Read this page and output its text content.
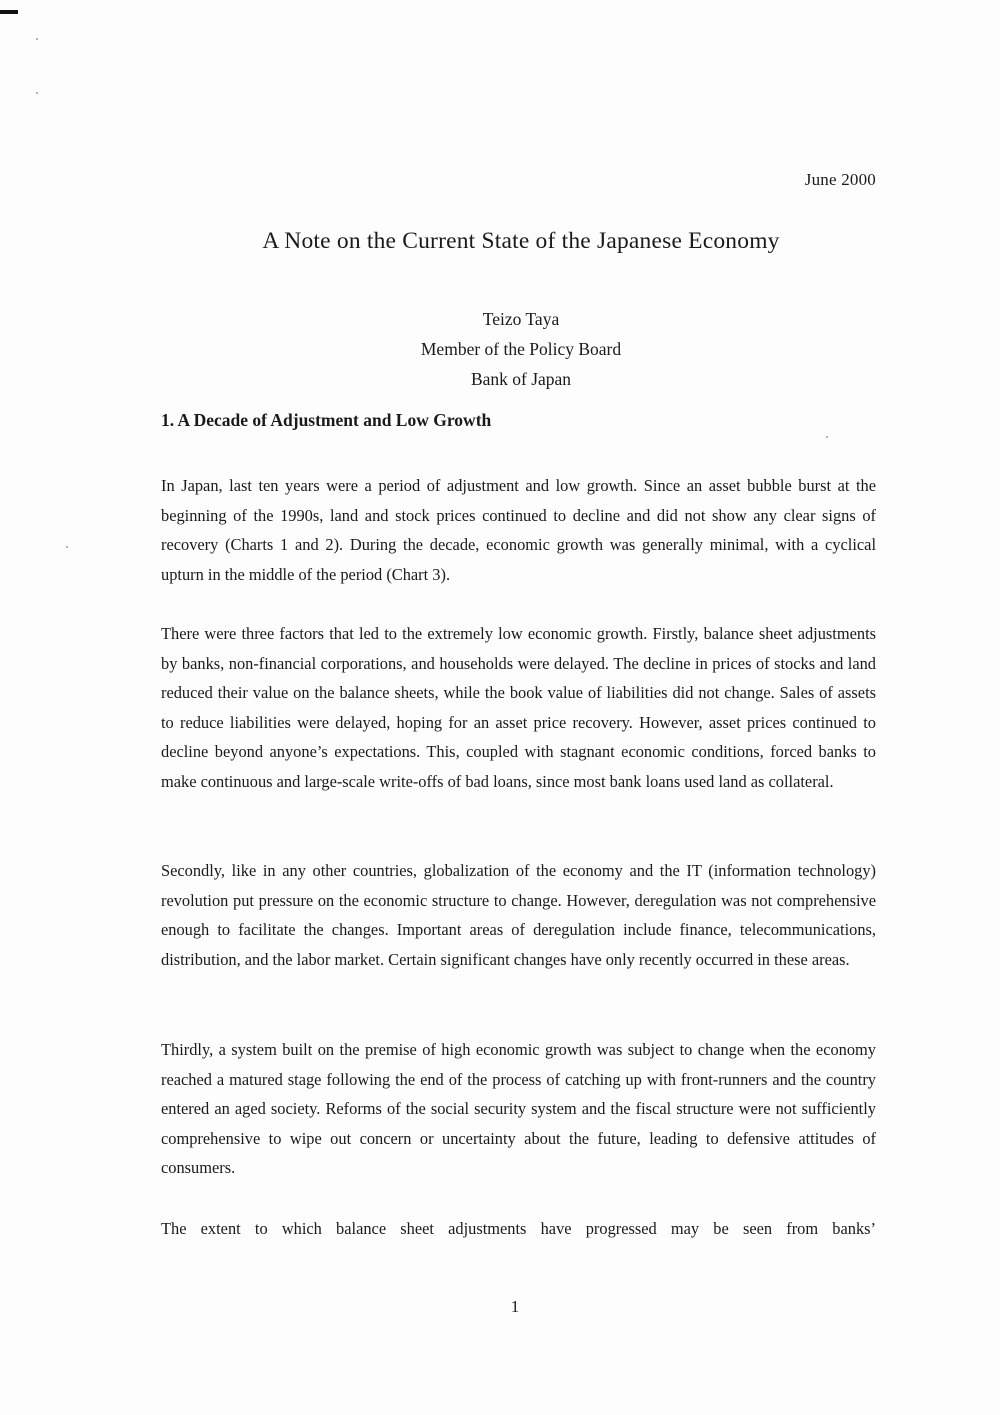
June 2000
A Note on the Current State of the Japanese Economy
Teizo Taya
Member of the Policy Board
Bank of Japan
1. A Decade of Adjustment and Low Growth

In Japan, last ten years were a period of adjustment and low growth. Since an asset bubble burst at the beginning of the 1990s, land and stock prices continued to decline and did not show any clear signs of recovery (Charts 1 and 2). During the decade, economic growth was generally minimal, with a cyclical upturn in the middle of the period (Chart 3).

There were three factors that led to the extremely low economic growth. Firstly, balance sheet adjustments by banks, non-financial corporations, and households were delayed. The decline in prices of stocks and land reduced their value on the balance sheets, while the book value of liabilities did not change. Sales of assets to reduce liabilities were delayed, hoping for an asset price recovery. However, asset prices continued to decline beyond anyone’s expectations. This, coupled with stagnant economic conditions, forced banks to make continuous and large-scale write-offs of bad loans, since most bank loans used land as collateral.

Secondly, like in any other countries, globalization of the economy and the IT (information technology) revolution put pressure on the economic structure to change. However, deregulation was not comprehensive enough to facilitate the changes. Important areas of deregulation include finance, telecommunications, distribution, and the labor market. Certain significant changes have only recently occurred in these areas.

Thirdly, a system built on the premise of high economic growth was subject to change when the economy reached a matured stage following the end of the process of catching up with front-runners and the country entered an aged society. Reforms of the social security system and the fiscal structure were not sufficiently comprehensive to wipe out concern or uncertainty about the future, leading to defensive attitudes of consumers.

The extent to which balance sheet adjustments have progressed may be seen from banks’

1
